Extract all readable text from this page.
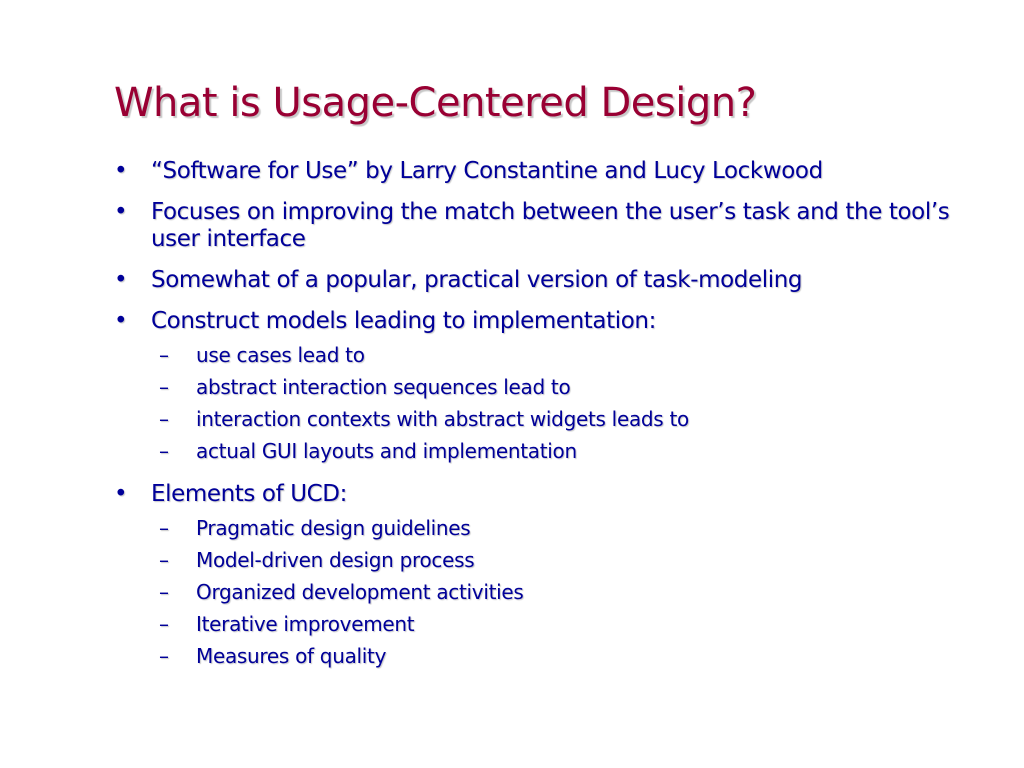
What is Usage-Centered Design?
• “Software for Use” by Larry Constantine and Lucy Lockwood
• Focuses on improving the match between the user’s task and the tool’s user interface
• Somewhat of a popular, practical version of task-modeling
• Construct models leading to implementation:
– use cases lead to
– abstract interaction sequences lead to
– interaction contexts with abstract widgets leads to
– actual GUI layouts and implementation
• Elements of UCD:
– Pragmatic design guidelines
– Model-driven design process
– Organized development activities
– Iterative improvement
– Measures of quality
